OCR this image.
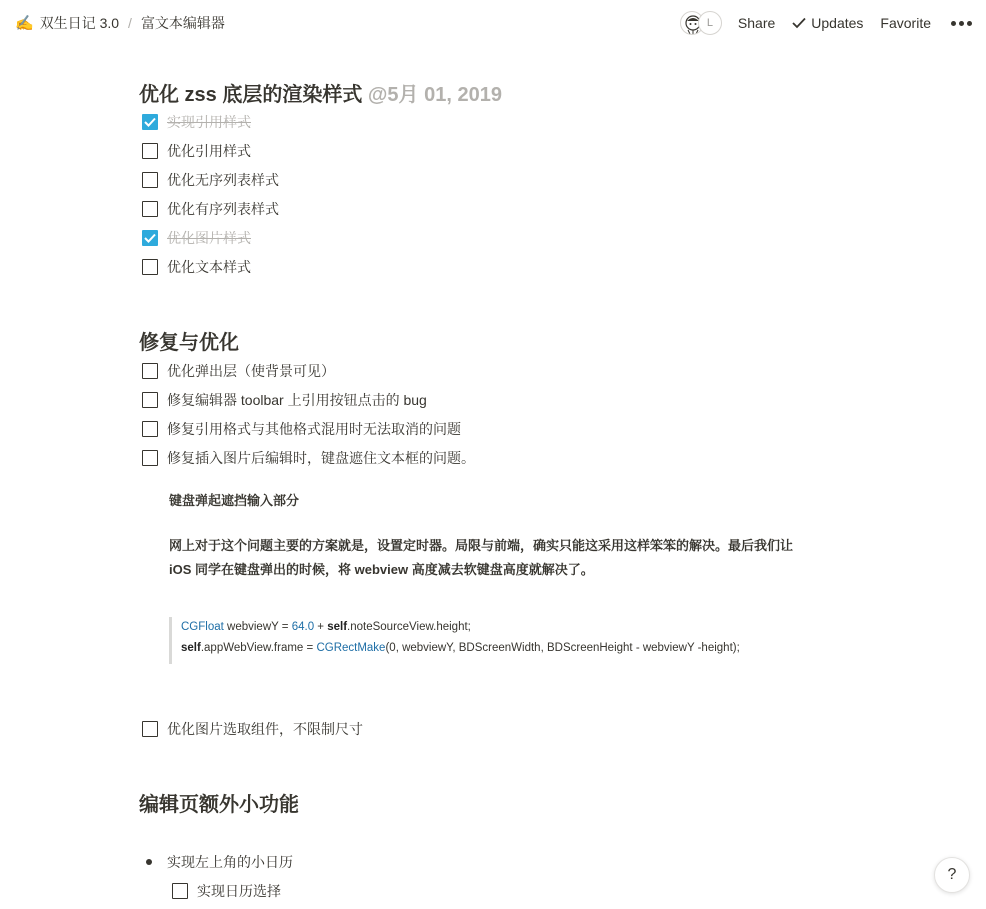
✍️ 双生日记 3.0 / 富文本编辑器	L	Share	Updates Favorite
优化 zss 底层的渲染样式 @5月 01, 2019
实现引用样式
优化引用样式
优化无序列表样式
优化有序列表样式
优化图片样式
优化文本样式
修复与优化
优化弹出层（使背景可见）
修复编辑器 toolbar 上引用按钮点击的 bug
修复引用格式与其他格式混用时无法取消的问题
修复插入图片后编辑时，键盘遮住文本框的问题。
键盘弹起遮挡输入部分
网上对于这个问题主要的方案就是，设置定时器。局限与前端，确实只能这采用这样笨笨的解决。最后我们让
iOS 同学在键盘弹出的时候，将 webview 高度减去软键盘高度就解决了。
CGFloat webviewY = 64.0 + self.noteSourceView.height;
self.appWebView.frame = CGRectMake(0, webviewY, BDScreenWidth, BDScreenHeight - webviewY -height);
优化图片选取组件，不限制尺寸
编辑页额外小功能
实现左上角的小日历
实现日历选择
?
